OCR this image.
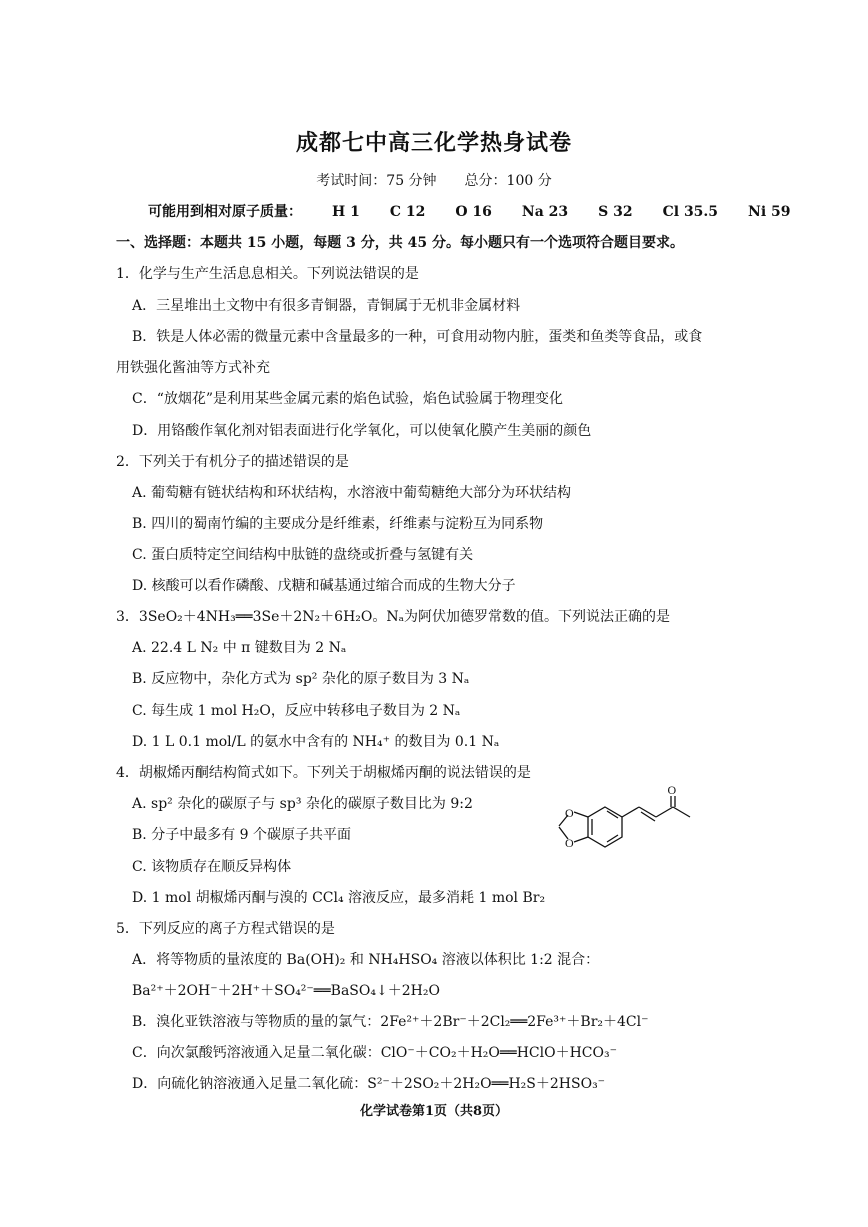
成都七中高三化学热身试卷
考试时间：75 分钟 总分：100 分
可能用到相对原子质量： H 1 C 12 O 16 Na 23 S 32 Cl 35.5 Ni 59
一、选择题：本题共 15 小题，每题 3 分，共 45 分。每小题只有一个选项符合题目要求。
1．化学与生产生活息息相关。下列说法错误的是
A．三星堆出土文物中有很多青铜器，青铜属于无机非金属材料
B．铁是人体必需的微量元素中含量最多的一种，可食用动物内脏，蛋类和鱼类等食品，或食
用铁强化酱油等方式补充
C．“放烟花”是利用某些金属元素的焰色试验，焰色试验属于物理变化
D．用铬酸作氧化剂对铝表面进行化学氧化，可以使氧化膜产生美丽的颜色
2．下列关于有机分子的描述错误的是
A. 葡萄糖有链状结构和环状结构，水溶液中葡萄糖绝大部分为环状结构
B. 四川的蜀南竹编的主要成分是纤维素，纤维素与淀粉互为同系物
C. 蛋白质特定空间结构中肽链的盘绕或折叠与氢键有关
D. 核酸可以看作磷酸、戊糖和碱基通过缩合而成的生物大分子
3．3SeO₂＋4NH₃══3Se＋2N₂＋6H₂O。Nₐ为阿伏加德罗常数的值。下列说法正确的是
A. 22.4 L N₂ 中 π 键数目为 2 Nₐ
B. 反应物中，杂化方式为 sp² 杂化的原子数目为 3 Nₐ
C. 每生成 1 mol H₂O，反应中转移电子数目为 2 Nₐ
D. 1 L 0.1 mol/L 的氨水中含有的 NH₄⁺ 的数目为 0.1 Nₐ
4．胡椒烯丙酮结构简式如下。下列关于胡椒烯丙酮的说法错误的是
A. sp² 杂化的碳原子与 sp³ 杂化的碳原子数目比为 9:2
B. 分子中最多有 9 个碳原子共平面
C. 该物质存在顺反异构体
D. 1 mol 胡椒烯丙酮与溴的 CCl₄ 溶液反应，最多消耗 1 mol Br₂
O
O
O
5．下列反应的离子方程式错误的是
A．将等物质的量浓度的 Ba(OH)₂ 和 NH₄HSO₄ 溶液以体积比 1:2 混合：
Ba²⁺＋2OH⁻＋2H⁺＋SO₄²⁻══BaSO₄↓＋2H₂O
B．溴化亚铁溶液与等物质的量的氯气：2Fe²⁺＋2Br⁻＋2Cl₂══2Fe³⁺＋Br₂＋4Cl⁻
C．向次氯酸钙溶液通入足量二氧化碳：ClO⁻＋CO₂＋H₂O══HClO＋HCO₃⁻
D．向硫化钠溶液通入足量二氧化硫：S²⁻＋2SO₂＋2H₂O══H₂S＋2HSO₃⁻
化学试卷第1页（共8页）
